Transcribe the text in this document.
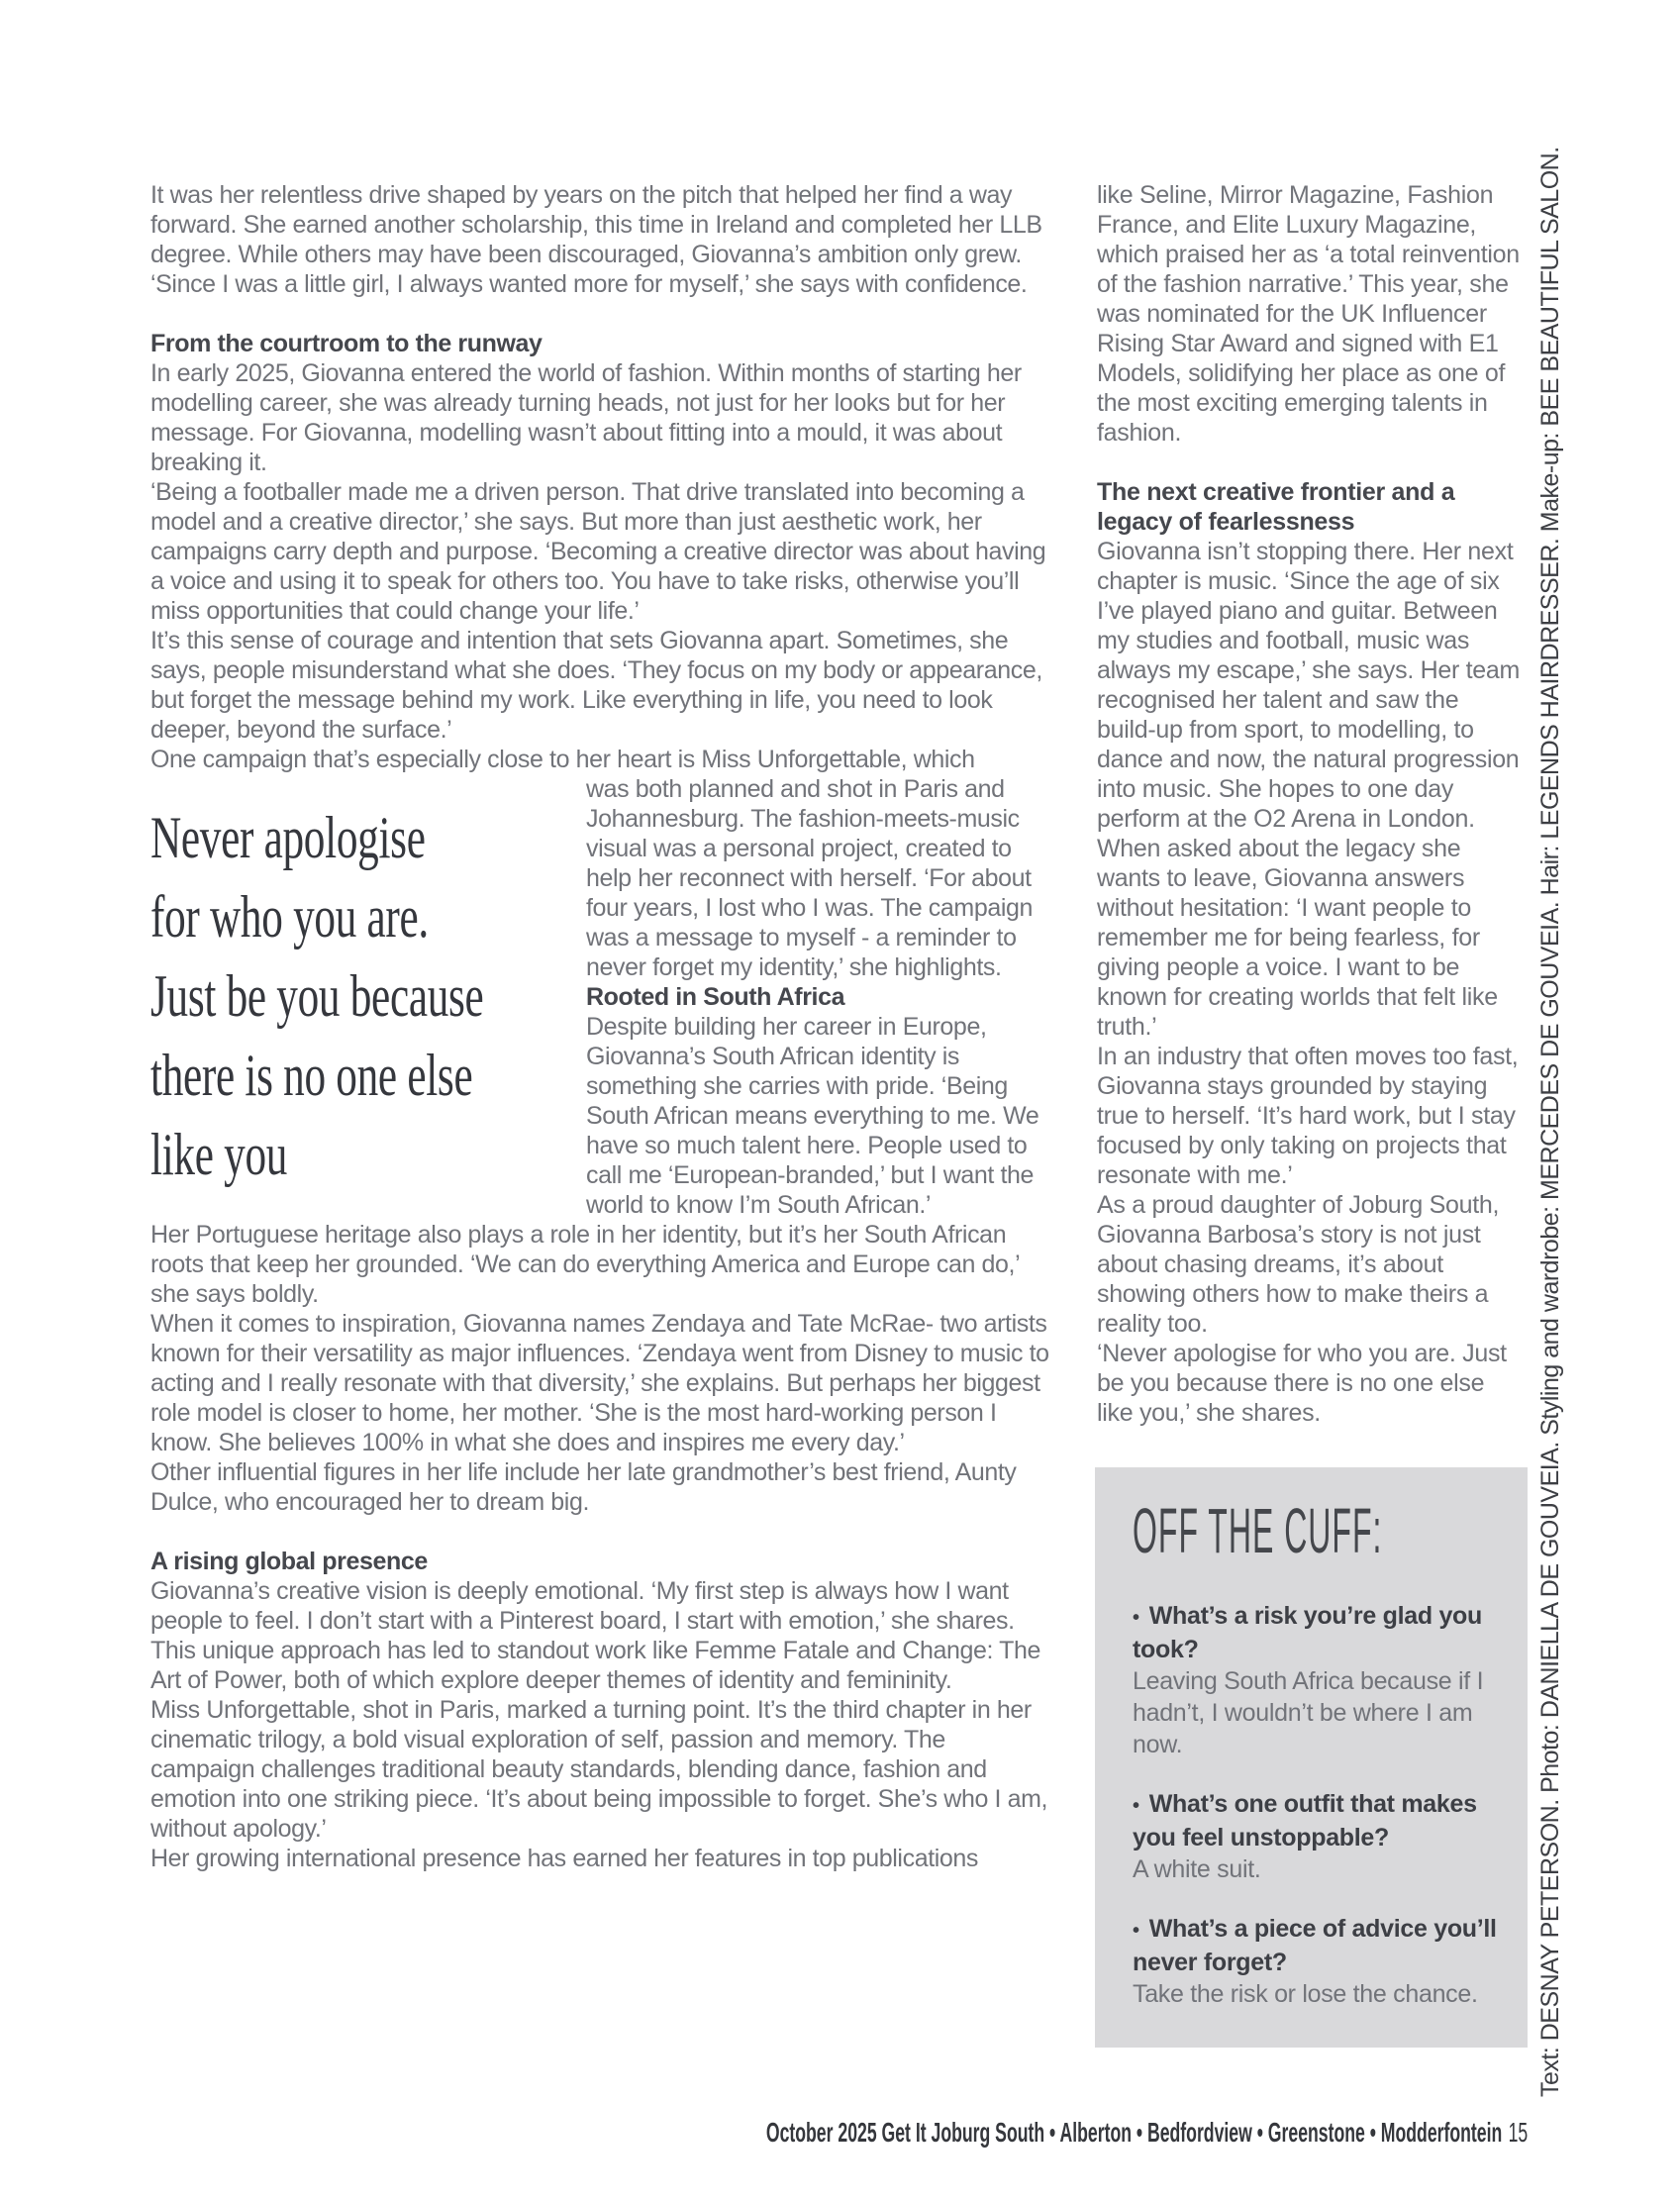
It was her relentless drive shaped by years on the pitch that helped her find a way forward. She earned another scholarship, this time in Ireland and completed her LLB degree. While others may have been discouraged, Giovanna’s ambition only grew. ‘Since I was a little girl, I always wanted more for myself,’ she says with confidence.

From the courtroom to the runway

In early 2025, Giovanna entered the world of fashion. Within months of starting her modelling career, she was already turning heads, not just for her looks but for her message. For Giovanna, modelling wasn’t about fitting into a mould, it was about breaking it.

‘Being a footballer made me a driven person. That drive translated into becoming a model and a creative director,’ she says. But more than just aesthetic work, her campaigns carry depth and purpose. ‘Becoming a creative director was about having a voice and using it to speak for others too. You have to take risks, otherwise you’ll miss opportunities that could change your life.’

It’s this sense of courage and intention that sets Giovanna apart. Sometimes, she says, people misunderstand what she does. ‘They focus on my body or appearance, but forget the message behind my work. Like everything in life, you need to look deeper, beyond the surface.’

One campaign that’s especially close to her heart is Miss Unforgettable, which

Never apologise
for who you are.
Just be you because
there is no one else
like you

was both planned and shot in Paris and Johannesburg. The fashion-meets-music visual was a personal project, created to help her reconnect with herself. ‘For about four years, I lost who I was. The campaign was a message to myself - a reminder to never forget my identity,’ she highlights.

Rooted in South Africa

Despite building her career in Europe, Giovanna’s South African identity is something she carries with pride. ‘Being South African means everything to me. We have so much talent here. People used to call me ‘European-branded,’ but I want the world to know I’m South African.’

Her Portuguese heritage also plays a role in her identity, but it’s her South African roots that keep her grounded. ‘We can do everything America and Europe can do,’ she says boldly.

When it comes to inspiration, Giovanna names Zendaya and Tate McRae- two artists known for their versatility as major influences. ‘Zendaya went from Disney to music to acting and I really resonate with that diversity,’ she explains. But perhaps her biggest role model is closer to home, her mother. ‘She is the most hard-working person I know. She believes 100% in what she does and inspires me every day.’

Other influential figures in her life include her late grandmother’s best friend, Aunty Dulce, who encouraged her to dream big.

A rising global presence

Giovanna’s creative vision is deeply emotional. ‘My first step is always how I want people to feel. I don’t start with a Pinterest board, I start with emotion,’ she shares. This unique approach has led to standout work like Femme Fatale and Change: The Art of Power, both of which explore deeper themes of identity and femininity.

Miss Unforgettable, shot in Paris, marked a turning point. It’s the third chapter in her cinematic trilogy, a bold visual exploration of self, passion and memory. The campaign challenges traditional beauty standards, blending dance, fashion and emotion into one striking piece. ‘It’s about being impossible to forget. She’s who I am, without apology.’

Her growing international presence has earned her features in top publications

like Seline, Mirror Magazine, Fashion France, and Elite Luxury Magazine, which praised her as ‘a total reinvention of the fashion narrative.’ This year, she was nominated for the UK Influencer Rising Star Award and signed with E1 Models, solidifying her place as one of the most exciting emerging talents in fashion.

The next creative frontier and a legacy of fearlessness

Giovanna isn’t stopping there. Her next chapter is music. ‘Since the age of six I’ve played piano and guitar. Between my studies and football, music was always my escape,’ she says. Her team recognised her talent and saw the build-up from sport, to modelling, to dance and now, the natural progression into music. She hopes to one day perform at the O2 Arena in London.

When asked about the legacy she wants to leave, Giovanna answers without hesitation: ‘I want people to remember me for being fearless, for giving people a voice. I want to be known for creating worlds that felt like truth.’

In an industry that often moves too fast, Giovanna stays grounded by staying true to herself. ‘It’s hard work, but I stay focused by only taking on projects that resonate with me.’

As a proud daughter of Joburg South, Giovanna Barbosa’s story is not just about chasing dreams, it’s about showing others how to make theirs a reality too.

‘Never apologise for who you are. Just be you because there is no one else like you,’ she shares.

OFF THE CUFF:
• What’s a risk you’re glad you took?
Leaving South Africa because if I hadn’t, I wouldn’t be where I am now.
• What’s one outfit that makes you feel unstoppable?
A white suit.
• What’s a piece of advice you’ll never forget?
Take the risk or lose the chance.	Text: DESNAY PETERSON. Photo: DANIELLA DE GOUVEIA. Styling and wardrobe: MERCEDES DE GOUVEIA. Hair: LEGENDS HAIRDRESSER. Make-up: BEE BEAUTIFUL SALON.
October 2025 Get It Joburg South • Alberton • Bedfordview • Greenstone • Modderfontein 15
